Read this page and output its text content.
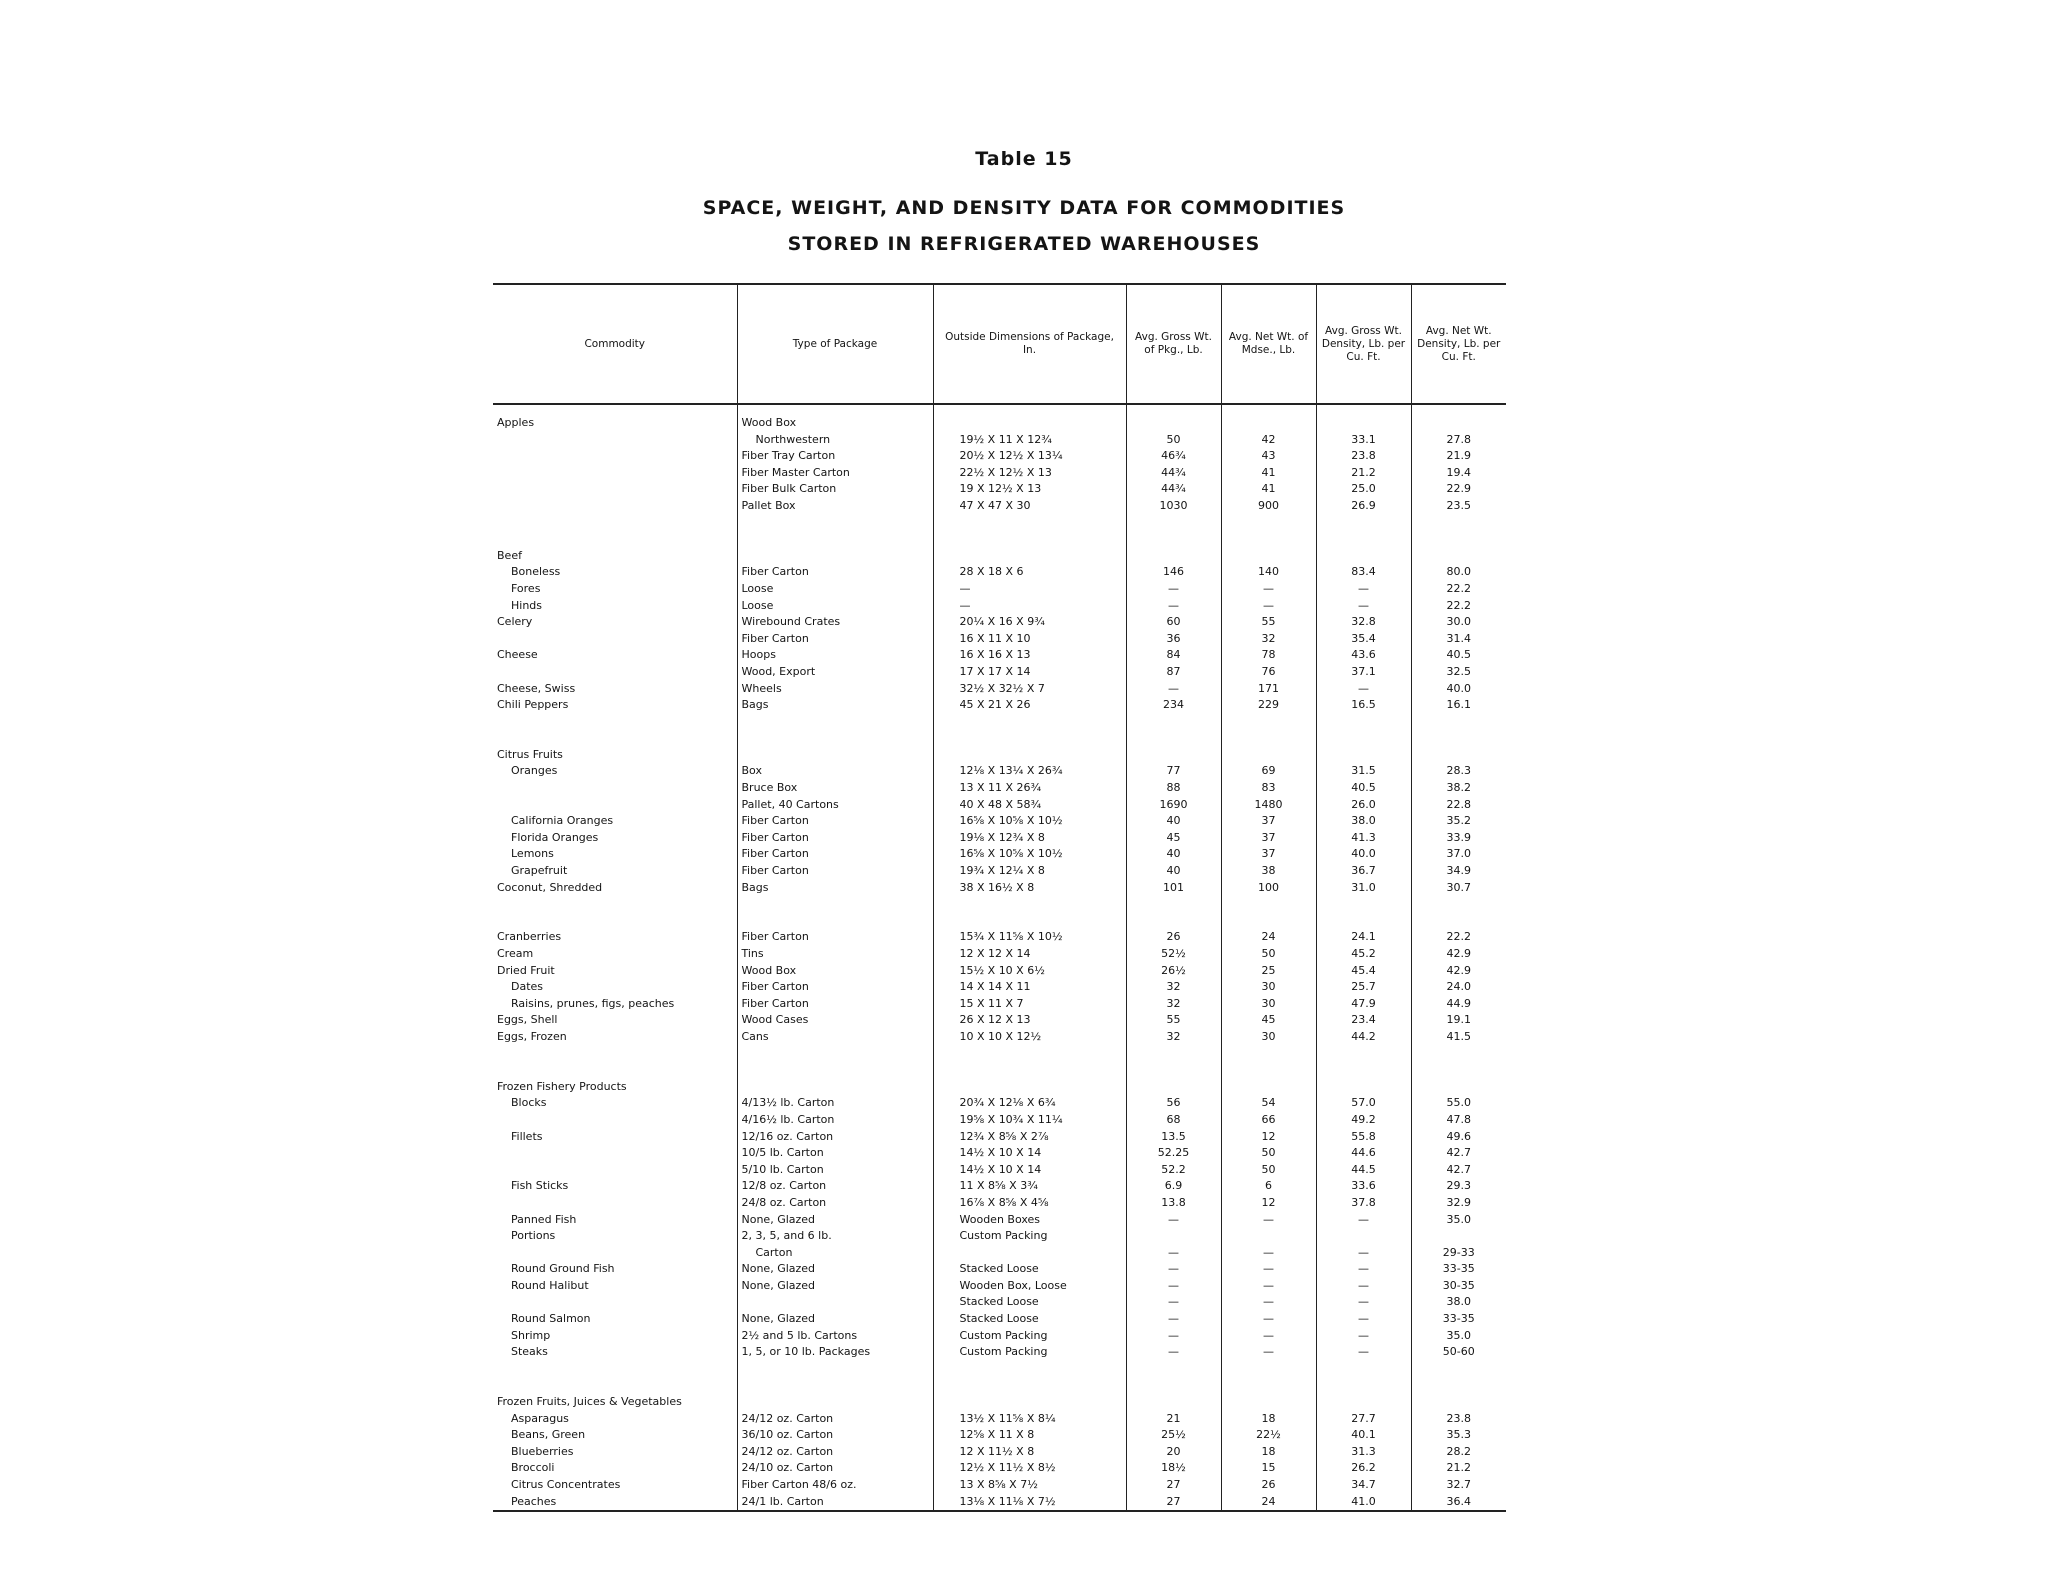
Table 15
SPACE, WEIGHT, AND DENSITY DATA FOR COMMODITIES
STORED IN REFRIGERATED WAREHOUSES
Commodity	Type of Package	Outside Dimensions of Package, In.	Avg. Gross Wt. of Pkg., Lb.	Avg. Net Wt. of Mdse., Lb.	Avg. Gross Wt. Density, Lb. per Cu. Ft.	Avg. Net Wt. Density, Lb. per Cu. Ft.
Apples	Wood Box					
	Northwestern	19½ X 11 X 12¾	50	42	33.1	27.8
	Fiber Tray Carton	20½ X 12½ X 13¼	46¾	43	23.8	21.9
	Fiber Master Carton	22½ X 12½ X 13	44¾	41	21.2	19.4
	Fiber Bulk Carton	19 X 12½ X 13	44¾	41	25.0	22.9
	Pallet Box	47 X 47 X 30	1030	900	26.9	23.5

Beef						
Boneless	Fiber Carton	28 X 18 X 6	146	140	83.4	80.0
Fores	Loose	—	—	—	—	22.2
Hinds	Loose	—	—	—	—	22.2
Celery	Wirebound Crates	20¼ X 16 X 9¾	60	55	32.8	30.0
	Fiber Carton	16 X 11 X 10	36	32	35.4	31.4
Cheese	Hoops	16 X 16 X 13	84	78	43.6	40.5
	Wood, Export	17 X 17 X 14	87	76	37.1	32.5
Cheese, Swiss	Wheels	32½ X 32½ X 7	—	171	—	40.0
Chili Peppers	Bags	45 X 21 X 26	234	229	16.5	16.1

Citrus Fruits						
Oranges	Box	12⅛ X 13¼ X 26¾	77	69	31.5	28.3
	Bruce Box	13 X 11 X 26¾	88	83	40.5	38.2
	Pallet, 40 Cartons	40 X 48 X 58¾	1690	1480	26.0	22.8
California Oranges	Fiber Carton	16⅝ X 10⅝ X 10½	40	37	38.0	35.2
Florida Oranges	Fiber Carton	19⅛ X 12¾ X 8	45	37	41.3	33.9
Lemons	Fiber Carton	16⅝ X 10⅝ X 10½	40	37	40.0	37.0
Grapefruit	Fiber Carton	19¾ X 12¼ X 8	40	38	36.7	34.9
Coconut, Shredded	Bags	38 X 16½ X 8	101	100	31.0	30.7

Cranberries	Fiber Carton	15¾ X 11⅝ X 10½	26	24	24.1	22.2
Cream	Tins	12 X 12 X 14	52½	50	45.2	42.9
Dried Fruit	Wood Box	15½ X 10 X 6½	26½	25	45.4	42.9
Dates	Fiber Carton	14 X 14 X 11	32	30	25.7	24.0
Raisins, prunes, figs, peaches	Fiber Carton	15 X 11 X 7	32	30	47.9	44.9
Eggs, Shell	Wood Cases	26 X 12 X 13	55	45	23.4	19.1
Eggs, Frozen	Cans	10 X 10 X 12½	32	30	44.2	41.5

Frozen Fishery Products						
Blocks	4/13½ lb. Carton	20¾ X 12⅛ X 6¾	56	54	57.0	55.0
	4/16½ lb. Carton	19⅝ X 10¾ X 11¼	68	66	49.2	47.8
Fillets	12/16 oz. Carton	12¾ X 8⅝ X 2⅞	13.5	12	55.8	49.6
	10/5 lb. Carton	14½ X 10 X 14	52.25	50	44.6	42.7
	5/10 lb. Carton	14½ X 10 X 14	52.2	50	44.5	42.7
Fish Sticks	12/8 oz. Carton	11 X 8⅝ X 3¾	6.9	6	33.6	29.3
	24/8 oz. Carton	16⅞ X 8⅝ X 4⅝	13.8	12	37.8	32.9
Panned Fish	None, Glazed	Wooden Boxes	—	—	—	35.0
Portions	2, 3, 5, and 6 lb.	Custom Packing				
	Carton		—	—	—	29-33
Round Ground Fish	None, Glazed	Stacked Loose	—	—	—	33-35
Round Halibut	None, Glazed	Wooden Box, Loose	—	—	—	30-35
		Stacked Loose	—	—	—	38.0
Round Salmon	None, Glazed	Stacked Loose	—	—	—	33-35
Shrimp	2½ and 5 lb. Cartons	Custom Packing	—	—	—	35.0
Steaks	1, 5, or 10 lb. Packages	Custom Packing	—	—	—	50-60

Frozen Fruits, Juices & Vegetables						
Asparagus	24/12 oz. Carton	13½ X 11⅝ X 8¼	21	18	27.7	23.8
Beans, Green	36/10 oz. Carton	12⅝ X 11 X 8	25½	22½	40.1	35.3
Blueberries	24/12 oz. Carton	12 X 11½ X 8	20	18	31.3	28.2
Broccoli	24/10 oz. Carton	12½ X 11½ X 8½	18½	15	26.2	21.2
Citrus Concentrates	Fiber Carton 48/6 oz.	13 X 8⅝ X 7½	27	26	34.7	32.7
Peaches	24/1 lb. Carton	13⅛ X 11⅛ X 7½	27	24	41.0	36.4
